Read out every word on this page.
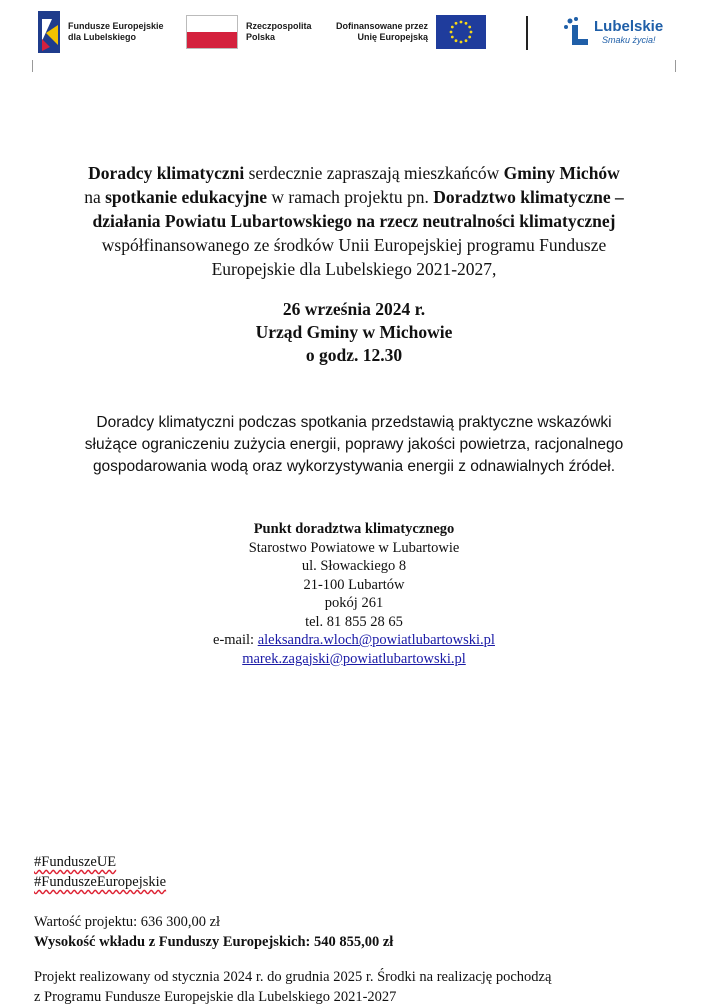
Fundusze Europejskie
dla Lubelskiego
Rzeczpospolita
Polska
Dofinansowane przez
Unię Europejską
Lubelskie
Smaku życia!
Doradcy klimatyczni serdecznie zapraszają mieszkańców Gminy Michów
na spotkanie edukacyjne w ramach projektu pn. Doradztwo klimatyczne –
działania Powiatu Lubartowskiego na rzecz neutralności klimatycznej
współfinansowanego ze środków Unii Europejskiej programu Fundusze
Europejskie dla Lubelskiego 2021-2027,
26 września 2024 r.
Urząd Gminy w Michowie
o godz. 12.30
Doradcy klimatyczni podczas spotkania przedstawią praktyczne wskazówki
służące ograniczeniu zużycia energii, poprawy jakości powietrza, racjonalnego
gospodarowania wodą oraz wykorzystywania energii z odnawialnych źródeł.
Punkt doradztwa klimatycznego
Starostwo Powiatowe w Lubartowie
ul. Słowackiego 8
21-100 Lubartów
pokój 261
tel. 81 855 28 65
e-mail: aleksandra.wloch@powiatlubartowski.pl
marek.zagajski@powiatlubartowski.pl
#FunduszeUE
#FunduszeEuropejskie
Wartość projektu: 636 300,00 zł
Wysokość wkładu z Funduszy Europejskich: 540 855,00 zł
Projekt realizowany od stycznia 2024 r. do grudnia 2025 r. Środki na realizację pochodzą
z Programu Fundusze Europejskie dla Lubelskiego 2021-2027
